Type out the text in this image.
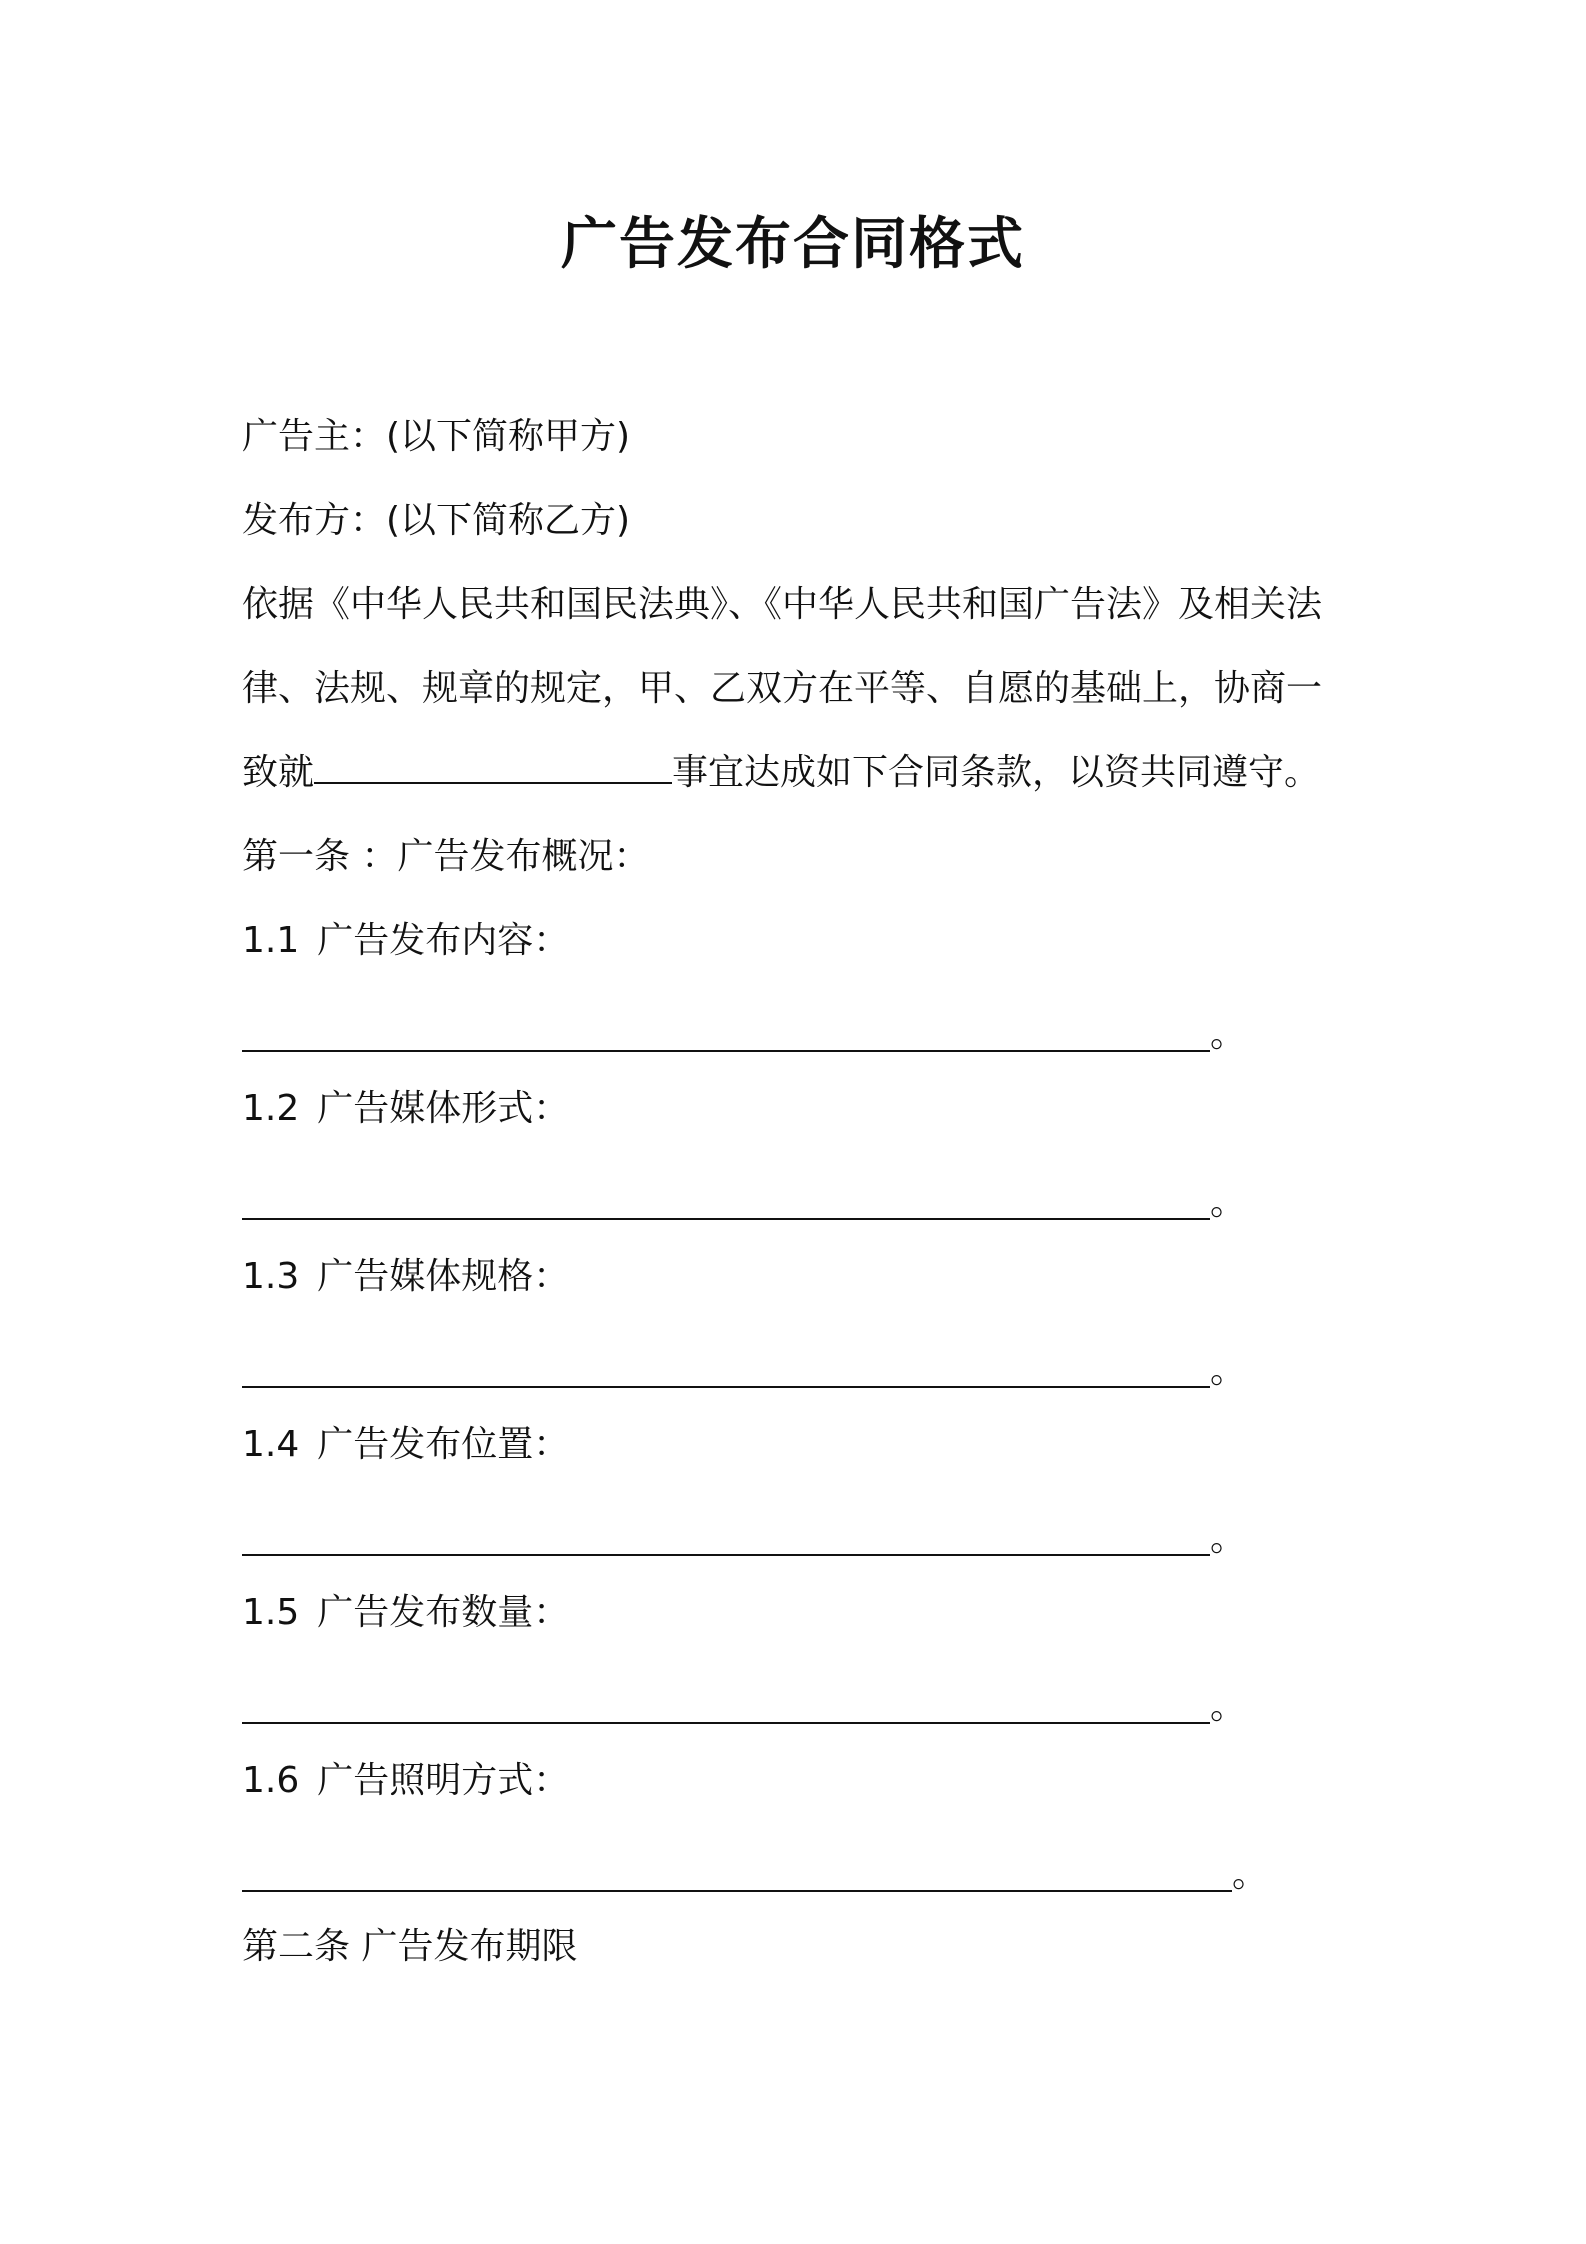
广告发布合同格式

广告主：(以下简称甲方)

发布方：(以下简称乙方)

依据《中华人民共和国民法典》、《中华人民共和国广告法》及相关法

律、法规、规章的规定，甲、乙双方在平等、自愿的基础上，协商一

致就	事宜达成如下合同条款，以资共同遵守。

第一条 ：广告发布概况：

1.1 广告发布内容：

。

1.2 广告媒体形式：

。

1.3 广告媒体规格：

。

1.4 广告发布位置：

。

1.5 广告发布数量：

。

1.6 广告照明方式：

。

第二条 广告发布期限
